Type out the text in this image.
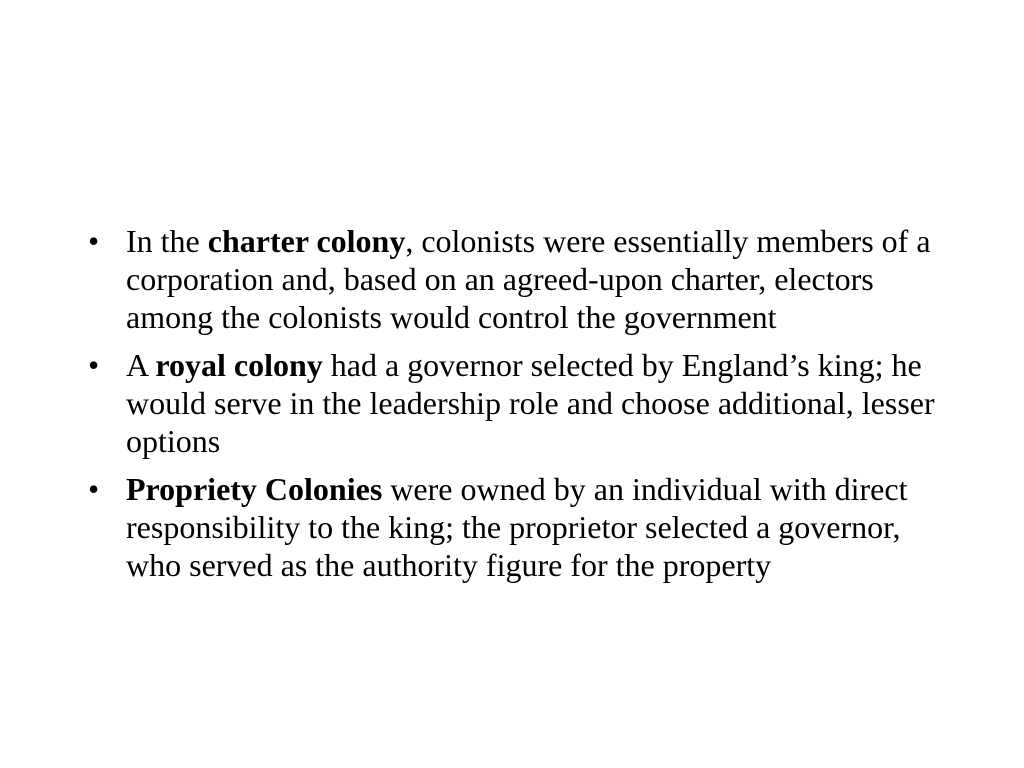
• In the charter colony, colonists were essentially members of a corporation and, based on an agreed-upon charter, electors among the colonists would control the government
• A royal colony had a governor selected by England’s king; he would serve in the leadership role and choose additional, lesser options
• Propriety Colonies were owned by an individual with direct responsibility to the king; the proprietor selected a governor, who served as the authority figure for the property
